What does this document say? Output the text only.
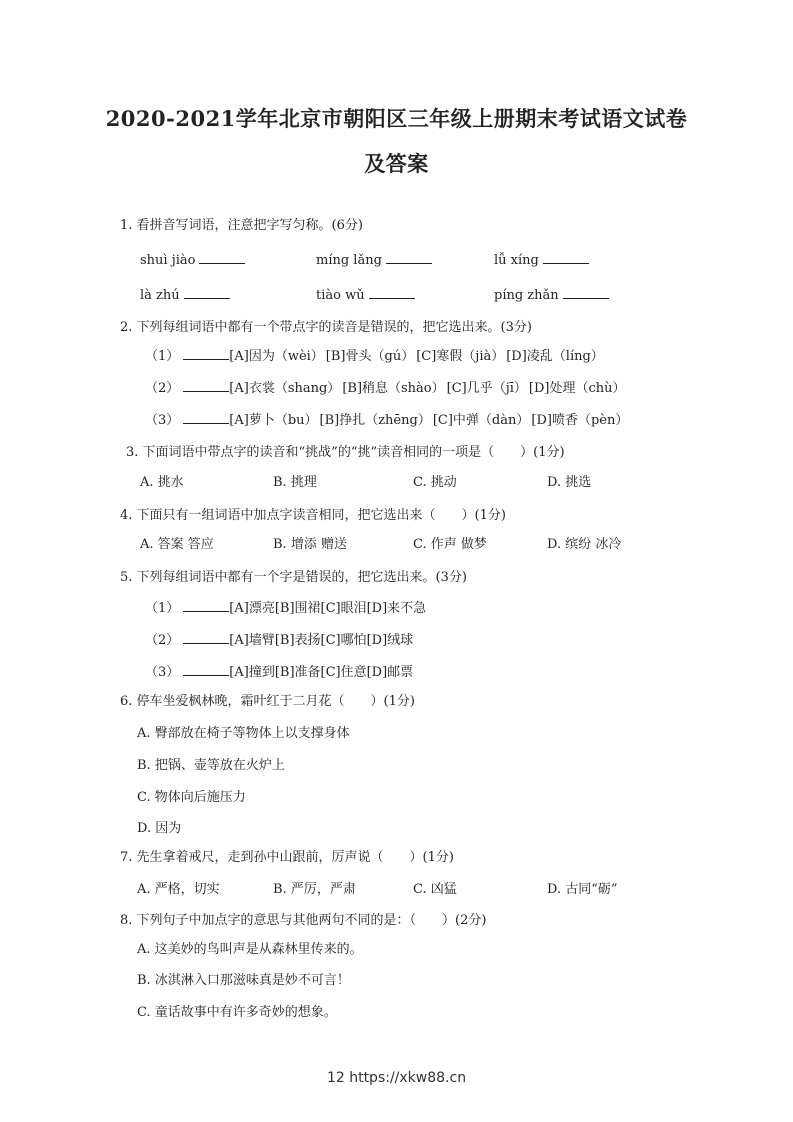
2020-2021学年北京市朝阳区三年级上册期末考试语文试卷
及答案
1. 看拼音写词语，注意把字写匀称。(6分)
shuì jiào	míng lǎng	lǚ xíng
là zhú	tiào wǔ	píng zhǎn
2. 下列每组词语中都有一个带点字的读音是错误的，把它选出来。(3分)
（1）	[A]因为（wèi） [B]骨头（gú） [C]寒假（jià） [D]凌乱（líng）
（2）	[A]衣裳（shang） [B]稍息（shào） [C]几乎（jī） [D]处理（chù）
（3）	[A]萝卜（bu） [B]挣扎（zhēng） [C]中弹（dàn） [D]喷香（pèn）
3. 下面词语中带点字的读音和“挑战”的“挑”读音相同的一项是（　　）(1分)
A. 挑水	B. 挑理	C. 挑动	D. 挑选
4. 下面只有一组词语中加点字读音相同，把它选出来（　　）(1分)
A. 答案 答应	B. 增添 赠送	C. 作声 做梦	D. 缤纷 冰冷
5. 下列每组词语中都有一个字是错误的，把它选出来。(3分)
（1）	[A]漂亮[B]围裙[C]眼泪[D]来不急
（2）	[A]墙臂[B]表扬[C]哪怕[D]绒球
（3）	[A]撞到[B]准备[C]住意[D]邮票
6. 停车坐爱枫林晚，霜叶红于二月花（　　）(1分)
A. 臀部放在椅子等物体上以支撑身体
B. 把锅、壶等放在火炉上
C. 物体向后施压力
D. 因为
7. 先生拿着戒尺，走到孙中山跟前，厉声说（　　）(1分)
A. 严格，切实	B. 严厉，严肃	C. 凶猛	D. 古同“砺”
8. 下列句子中加点字的意思与其他两句不同的是：（　　）(2分)
A. 这美妙的鸟叫声是从森林里传来的。
B. 冰淇淋入口那滋味真是妙不可言！
C. 童话故事中有许多奇妙的想象。
12 https://xkw88.cn
